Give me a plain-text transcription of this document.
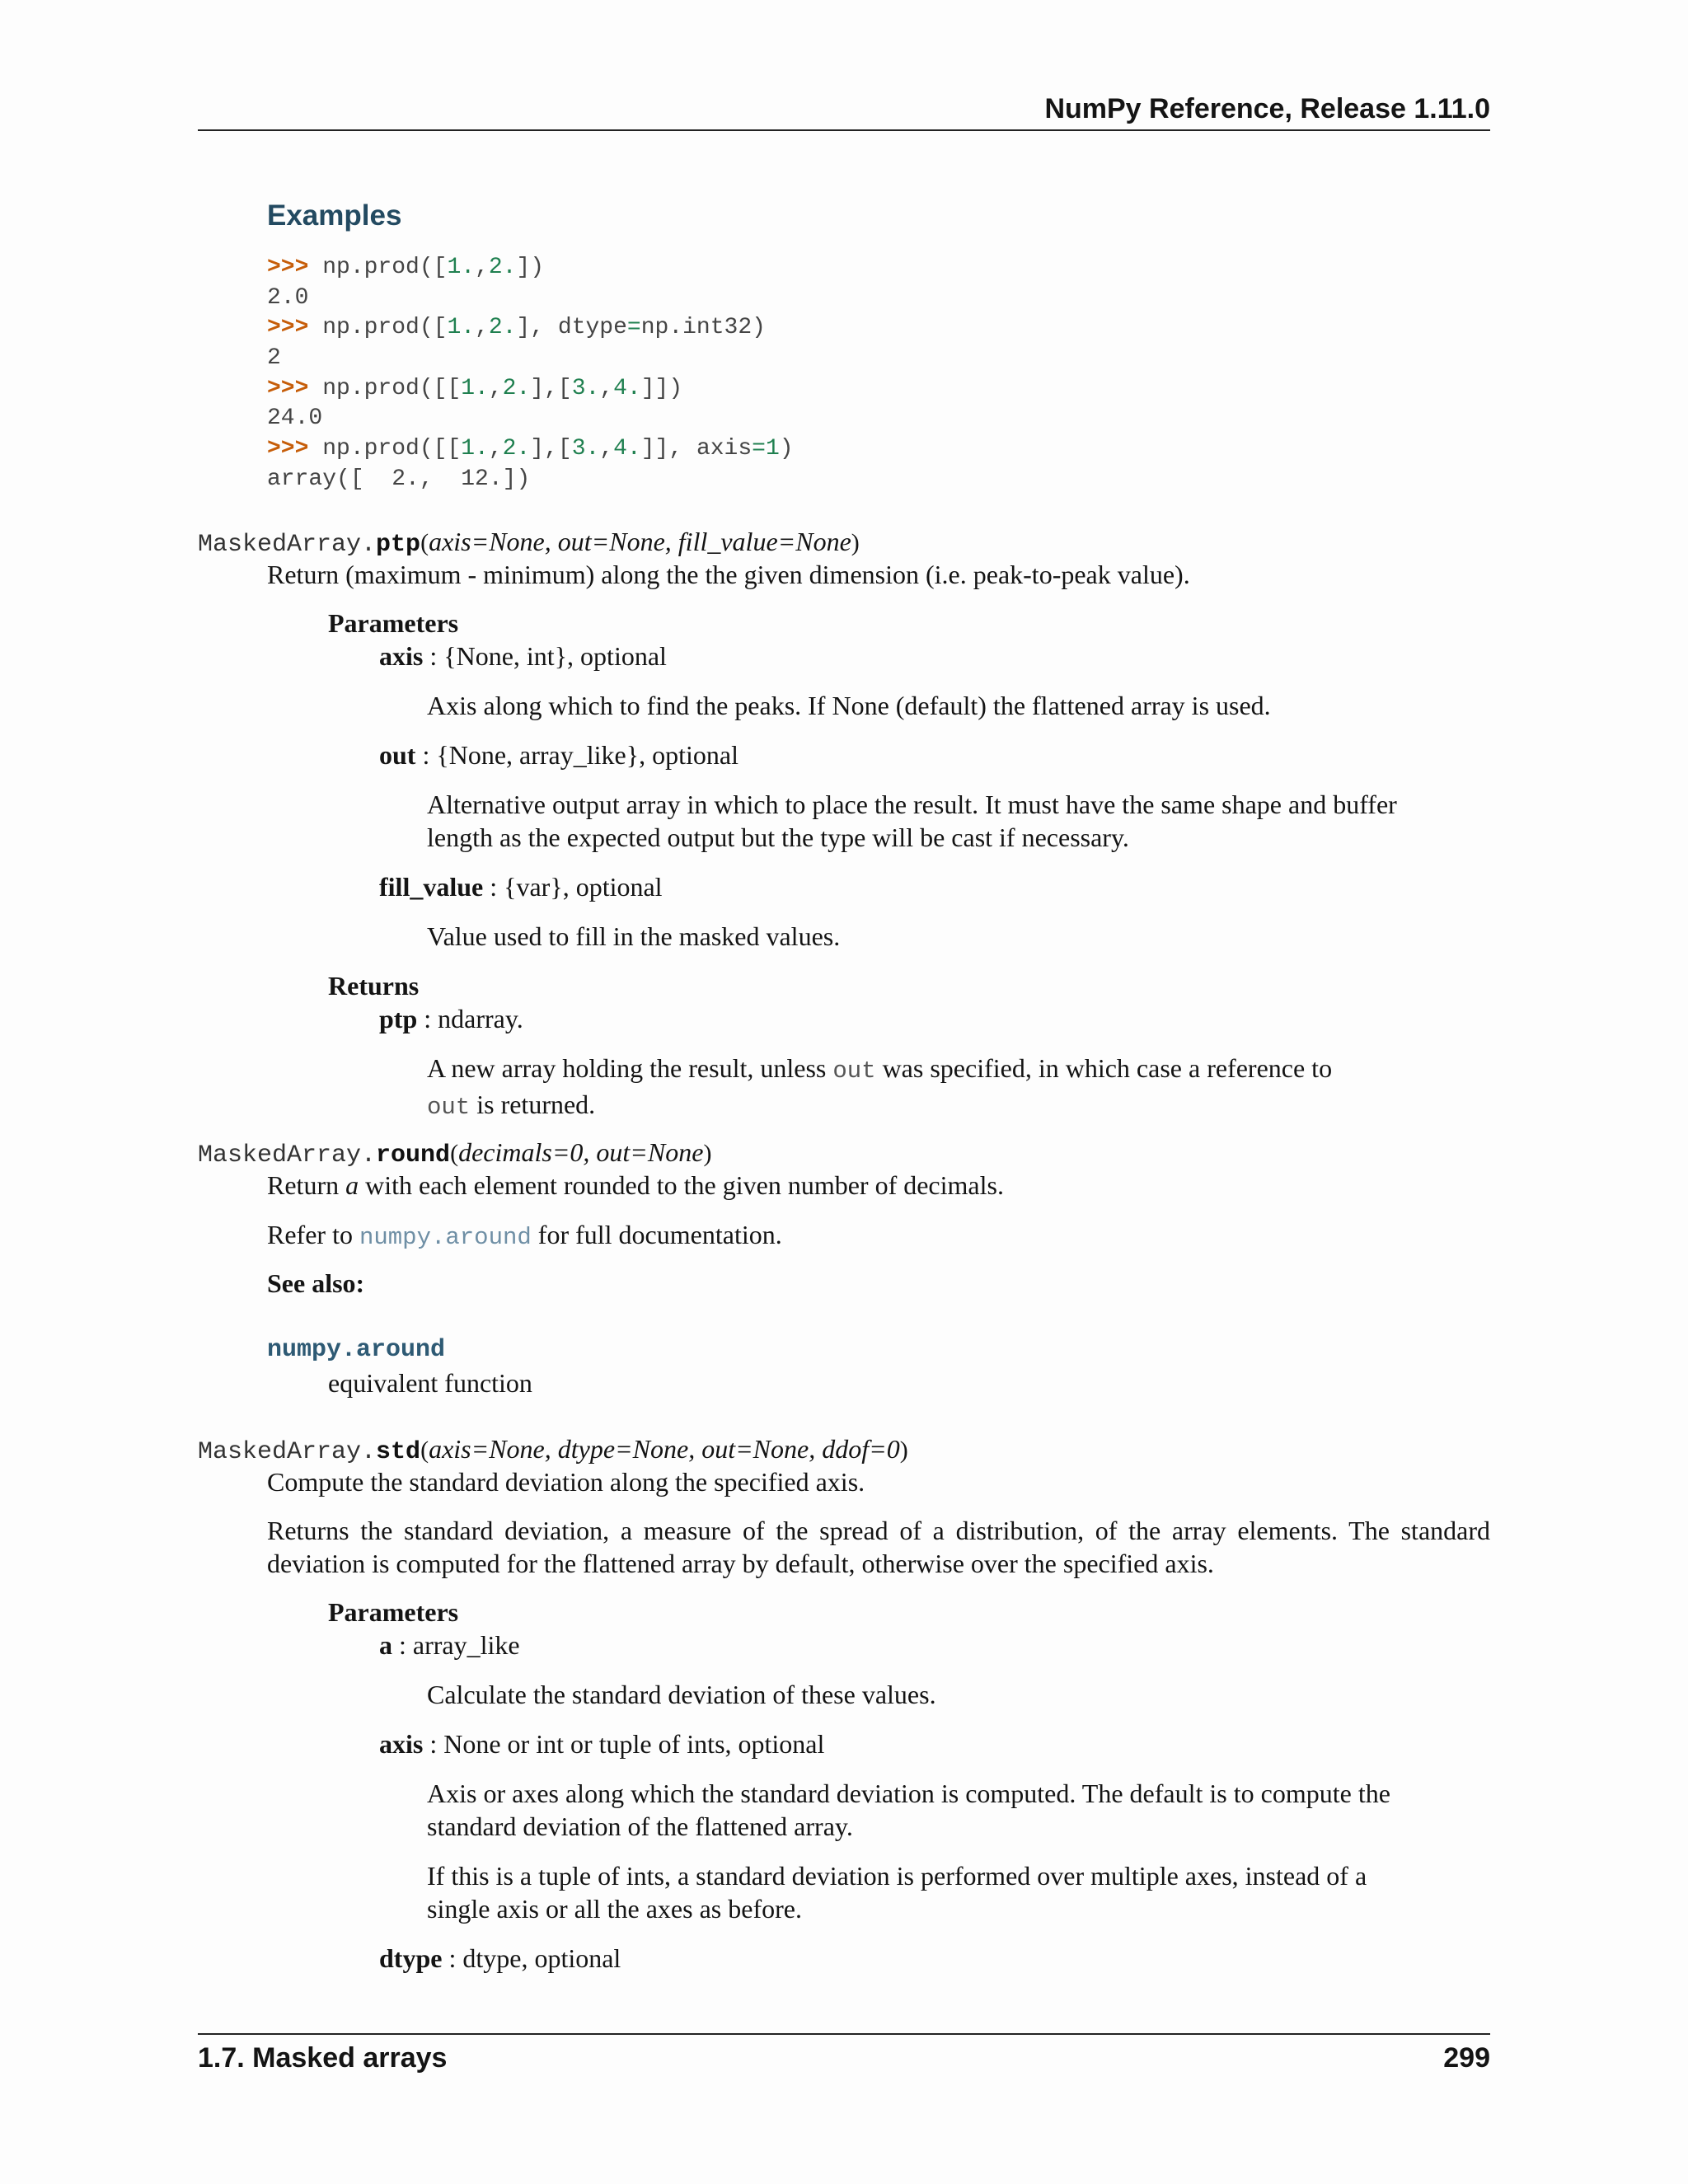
NumPy Reference, Release 1.11.0
Examples
>>> np.prod([1.,2.])
2.0
>>> np.prod([1.,2.], dtype=np.int32)
2
>>> np.prod([[1.,2.],[3.,4.]])
24.0
>>> np.prod([[1.,2.],[3.,4.]], axis=1)
array([  2.,  12.])
MaskedArray.ptp(axis=None, out=None, fill_value=None)
Return (maximum - minimum) along the the given dimension (i.e. peak-to-peak value).
Parameters
axis : {None, int}, optional
Axis along which to find the peaks. If None (default) the flattened array is used.
out : {None, array_like}, optional
Alternative output array in which to place the result. It must have the same shape and buffer length as the expected output but the type will be cast if necessary.
fill_value : {var}, optional
Value used to fill in the masked values.
Returns
ptp : ndarray.
A new array holding the result, unless out was specified, in which case a reference to
out is returned.
MaskedArray.round(decimals=0, out=None)
Return a with each element rounded to the given number of decimals.
Refer to numpy.around for full documentation.
See also:
numpy.around
equivalent function
MaskedArray.std(axis=None, dtype=None, out=None, ddof=0)
Compute the standard deviation along the specified axis.
Returns the standard deviation, a measure of the spread of a distribution, of the array elements. The standard deviation is computed for the flattened array by default, otherwise over the specified axis.
Parameters
a : array_like
Calculate the standard deviation of these values.
axis : None or int or tuple of ints, optional
Axis or axes along which the standard deviation is computed. The default is to compute the standard deviation of the flattened array.
If this is a tuple of ints, a standard deviation is performed over multiple axes, instead of a single axis or all the axes as before.
dtype : dtype, optional
1.7. Masked arrays	299
